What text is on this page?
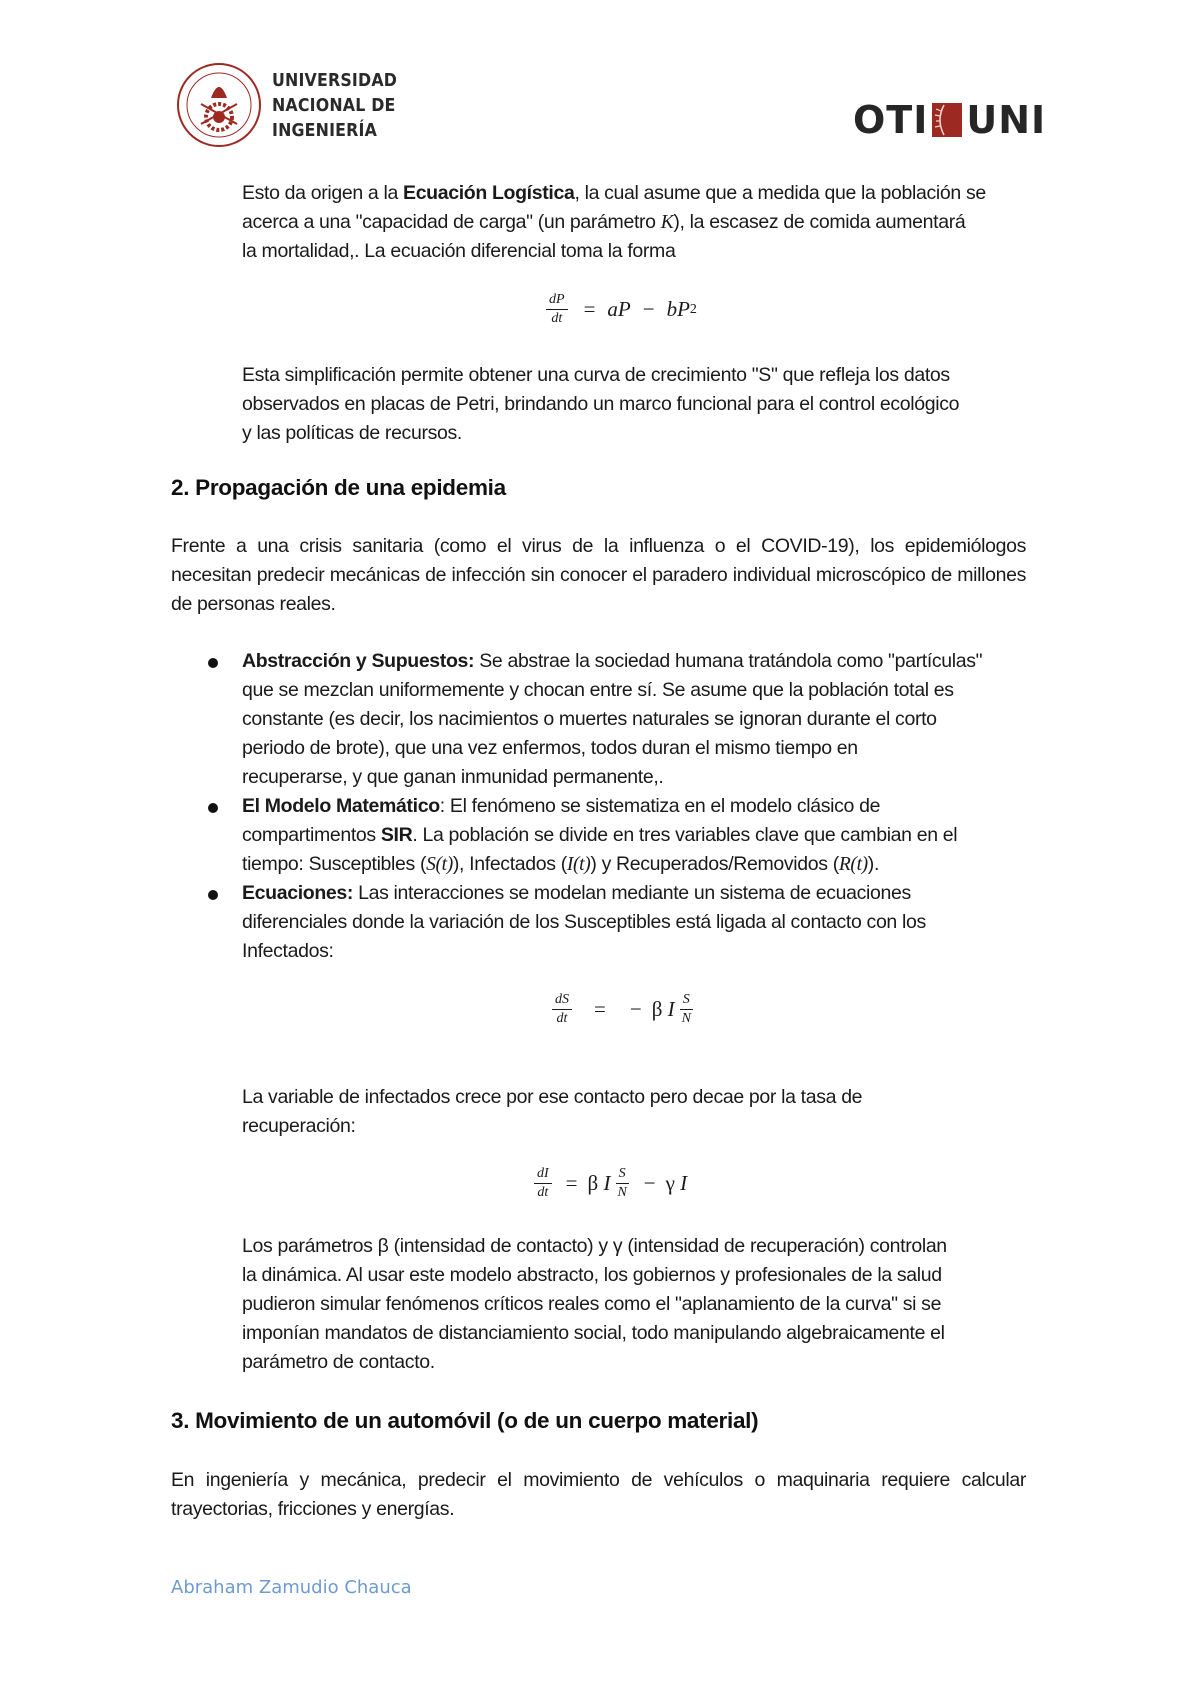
UNIVERSIDAD
NACIONAL DE
INGENIERÍA	OTI UNI
Esto da origen a la Ecuación Logística, la cual asume que a medida que la población se
acerca a una "capacidad de carga" (un parámetro K), la escasez de comida aumentará
la mortalidad,. La ecuación diferencial toma la forma
$\frac{dP}{dt}$ = aP − bP 2
Esta simplificación permite obtener una curva de crecimiento "S" que refleja los datos
observados en placas de Petri, brindando un marco funcional para el control ecológico
y las políticas de recursos.
2. Propagación de una epidemia
Frente a una crisis sanitaria (como el virus de la influenza o el COVID-19), los epidemiólogos necesitan predecir mecánicas de infección sin conocer el paradero individual microscópico de millones de personas reales.
Abstracción y Supuestos: Se abstrae la sociedad humana tratándola como "partículas"
que se mezclan uniformemente y chocan entre sí. Se asume que la población total es
constante (es decir, los nacimientos o muertes naturales se ignoran durante el corto
periodo de brote), que una vez enfermos, todos duran el mismo tiempo en
recuperarse, y que ganan inmunidad permanente,.
El Modelo Matemático: El fenómeno se sistematiza en el modelo clásico de
compartimentos SIR. La población se divide en tres variables clave que cambian en el
tiempo: Susceptibles (S(t)), Infectados (I(t)) y Recuperados/Removidos (R(t)).
Ecuaciones: Las interacciones se modelan mediante un sistema de ecuaciones
diferenciales donde la variación de los Susceptibles está ligada al contacto con los
Infectados:
$\frac{dS}{dt}$ = − β
I $\frac{S}{N}$
La variable de infectados crece por ese contacto pero decae por la tasa de
recuperación:
$\frac{dI}{dt} = \beta$
I $\frac{S}{N} - \gamma$
I
Los parámetros β (intensidad de contacto) y γ (intensidad de recuperación) controlan
la dinámica. Al usar este modelo abstracto, los gobiernos y profesionales de la salud
pudieron simular fenómenos críticos reales como el "aplanamiento de la curva" si se
imponían mandatos de distanciamiento social, todo manipulando algebraicamente el
parámetro de contacto.
3. Movimiento de un automóvil (o de un cuerpo material)
En ingeniería y mecánica, predecir el movimiento de vehículos o maquinaria requiere calcular trayectorias, fricciones y energías.
Abraham Zamudio Chauca
